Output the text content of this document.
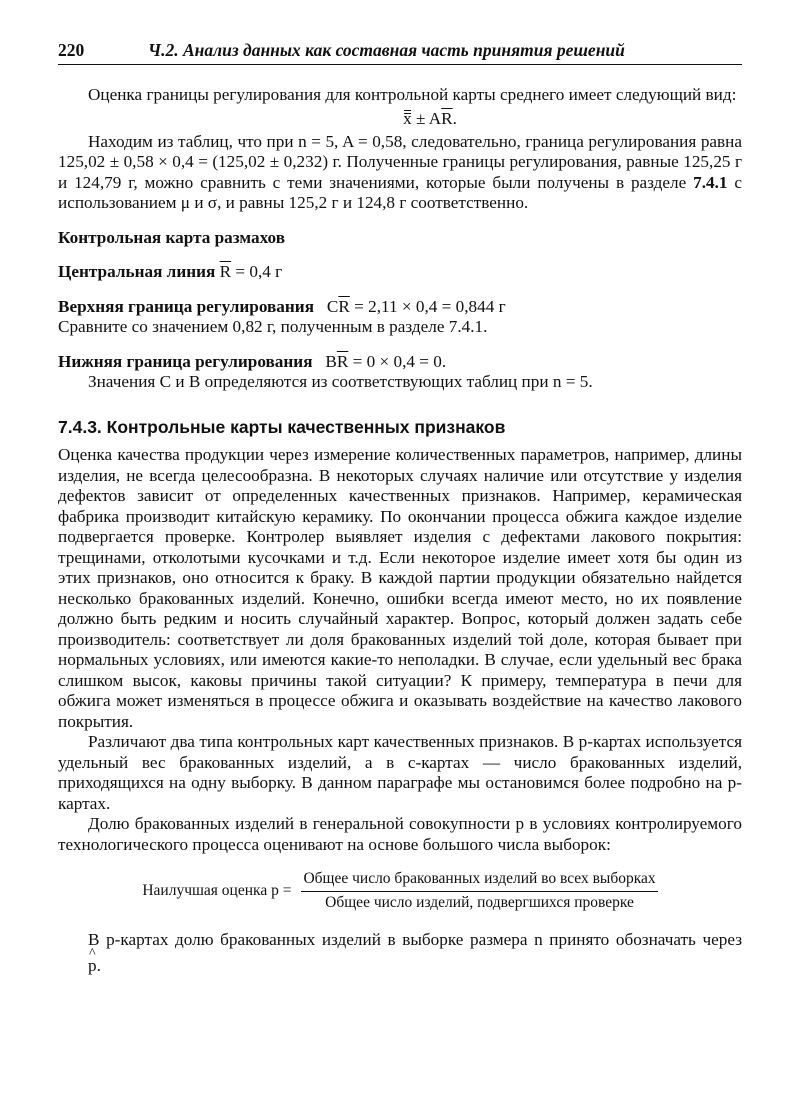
220	Ч.2. Анализ данных как составная часть принятия решений

Оценка границы регулирования для контрольной карты среднего имеет следующий вид:

$x \pm A\overline{R}$.

Находим из таблиц, что при n = 5, A = 0,58, следовательно, граница регулирования равна 125,02 ± 0,58 × 0,4 = (125,02 ± 0,232) г. Полученные границы регулирования, равные 125,25 г и 124,79 г, можно сравнить с теми значениями, которые были получены в разделе 7.4.1 с использованием μ и σ, и равны 125,2 г и 124,8 г соответственно.

Контрольная карта размахов
Центральная линия $\overline{R} = 0,4$ г
Верхняя граница регулирования $C\overline{R} = 2,11 \times 0,4 = 0,844$ г
Сравните со значением 0,82 г, полученным в разделе 7.4.1.
Нижняя граница регулирования $B\overline{R} = 0 \times 0,4 = 0$.

Значения C и B определяются из соответствующих таблиц при n = 5.

7.4.3. Контрольные карты качественных признаков

Оценка качества продукции через измерение количественных параметров, например, длины изделия, не всегда целесообразна. В некоторых случаях наличие или отсутствие у изделия дефектов зависит от определенных качественных признаков. Например, керамическая фабрика производит китайскую керамику. По окончании процесса обжига каждое изделие подвергается проверке. Контролер выявляет изделия с дефектами лакового покрытия: трещинами, отколотыми кусочками и т.д. Если некоторое изделие имеет хотя бы один из этих признаков, оно относится к браку. В каждой партии продукции обязательно найдется несколько бракованных изделий. Конечно, ошибки всегда имеют место, но их появление должно быть редким и носить случайный характер. Вопрос, который должен задать себе производитель: соответствует ли доля бракованных изделий той доле, которая бывает при нормальных условиях, или имеются какие-то неполадки. В случае, если удельный вес брака слишком высок, каковы причины такой ситуации? К примеру, температура в печи для обжига может изменяться в процессе обжига и оказывать воздействие на качество лакового покрытия.

Различают два типа контрольных карт качественных признаков. В p-картах используется удельный вес бракованных изделий, а в c-картах — число бракованных изделий, приходящихся на одну выборку. В данном параграфе мы остановимся более подробно на p-картах.

Долю бракованных изделий в генеральной совокупности p в условиях контролируемого технологического процесса оценивают на основе большого числа выборок:

Наилучшая оценка $p = \frac{\text{Общее число бракованных изделий во всех выборках}}{\text{Общее число изделий, подвергшихся проверке}}$

В p-картах долю бракованных изделий в выборке размера n принято обозначать через ^ p.
